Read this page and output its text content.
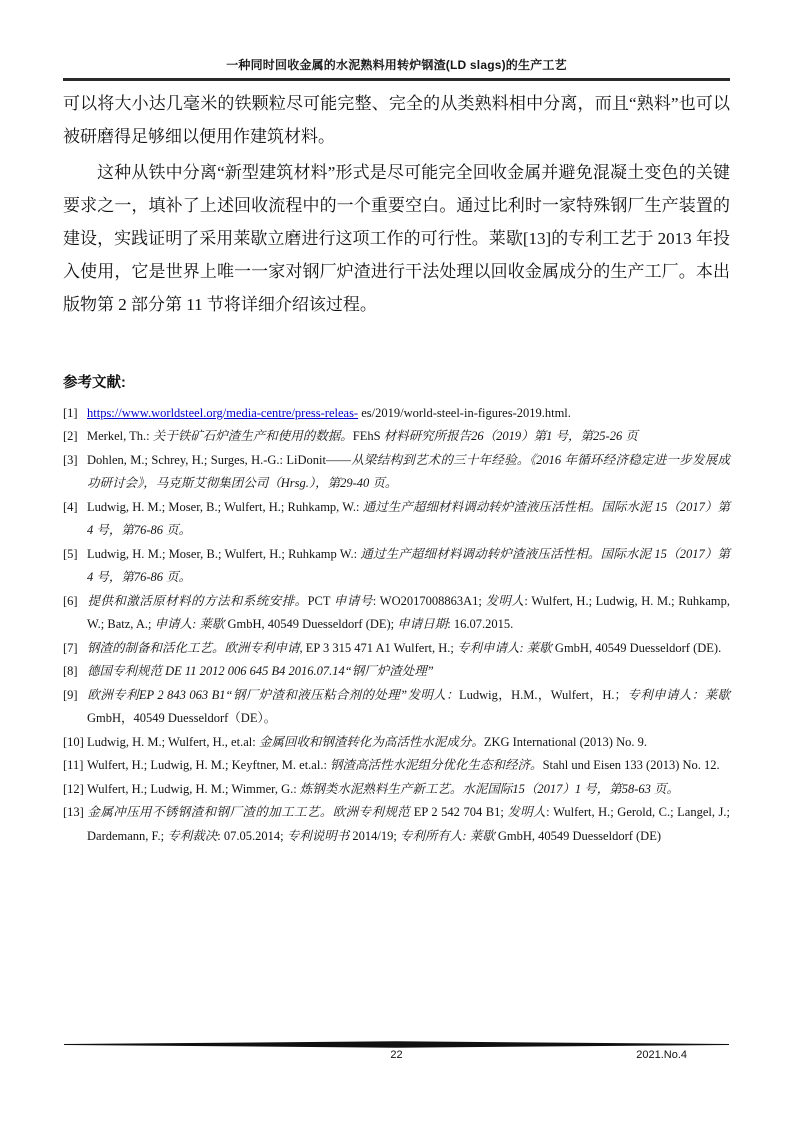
一种同时回收金属的水泥熟料用转炉钢渣(LD slags)的生产工艺

可以将大小达几毫米的铁颗粒尽可能完整、完全的从类熟料相中分离，而且“熟料”也可以被研磨得足够细以便用作建筑材料。

这种从铁中分离“新型建筑材料”形式是尽可能完全回收金属并避免混凝土变色的关键要求之一，填补了上述回收流程中的一个重要空白。通过比利时一家特殊钢厂生产装置的建设，实践证明了采用莱歇立磨进行这项工作的可行性。莱歇[13]的专利工艺于 2013 年投入使用，它是世界上唯一一家对钢厂炉渣进行干法处理以回收金属成分的生产工厂。本出版物第 2 部分第 11 节将详细介绍该过程。

参考文献:
[1] https://www.worldsteel.org/media-centre/press-releas- es/2019/world-steel-in-figures-2019.html.
[2] Merkel, Th.: 关于铁矿石炉渣生产和使用的数据。FEhS 材料研究所报告26（2019）第1 号，第25-26 页
[3] Dohlen, M.; Schrey, H.; Surges, H.-G.: LiDonit——从梁结构到艺术的三十年经验。《2016 年循环经济稳定进一步发展成功研讨会》，马克斯艾彻集团公司（Hrsg.），第29-40 页。
[4] Ludwig, H. M.; Moser, B.; Wulfert, H.; Ruhkamp, W.: 通过生产超细材料调动转炉渣液压活性相。国际水泥 15（2017）第4 号，第76-86 页。
[5] Ludwig, H. M.; Moser, B.; Wulfert, H.; Ruhkamp W.: 通过生产超细材料调动转炉渣液压活性相。国际水泥 15（2017）第4 号，第76-86 页。
[6] 提供和激活原材料的方法和系统安排。PCT 申请号: WO2017008863A1; 发明人: Wulfert, H.; Ludwig, H. M.; Ruhkamp, W.; Batz, A.; 申请人: 莱歇 GmbH, 40549 Duesseldorf (DE); 申请日期: 16.07.2015.
[7] 钢渣的制备和活化工艺。欧洲专利申请, EP 3 315 471 A1 Wulfert, H.; 专利申请人: 莱歇 GmbH, 40549 Duesseldorf (DE).
[8] 德国专利规范 DE 11 2012 006 645 B4 2016.07.14“钢厂炉渣处理”
[9] 欧洲专利EP 2 843 063 B1“钢厂炉渣和液压粘合剂的处理”发明人：Ludwig，H.M.，Wulfert，H.；专利申请人：莱歇 GmbH，40549 Duesseldorf（DE）。
[10] Ludwig, H. M.; Wulfert, H., et.al: 金属回收和钢渣转化为高活性水泥成分。ZKG International (2013) No. 9.
[11] Wulfert, H.; Ludwig, H. M.; Keyftner, M. et.al.: 钢渣高活性水泥组分优化生态和经济。Stahl und Eisen 133 (2013) No. 12.
[12] Wulfert, H.; Ludwig, H. M.; Wimmer, G.: 炼钢类水泥熟料生产新工艺。水泥国际15（2017）1 号，第58-63 页。
[13] 金属冲压用不锈钢渣和钢厂渣的加工工艺。欧洲专利规范 EP 2 542 704 B1; 发明人: Wulfert, H.; Gerold, C.; Langel, J.; Dardemann, F.; 专利裁决: 07.05.2014; 专利说明书 2014/19; 专利所有人: 莱歇 GmbH, 40549 Duesseldorf (DE)
22	2021.No.4
